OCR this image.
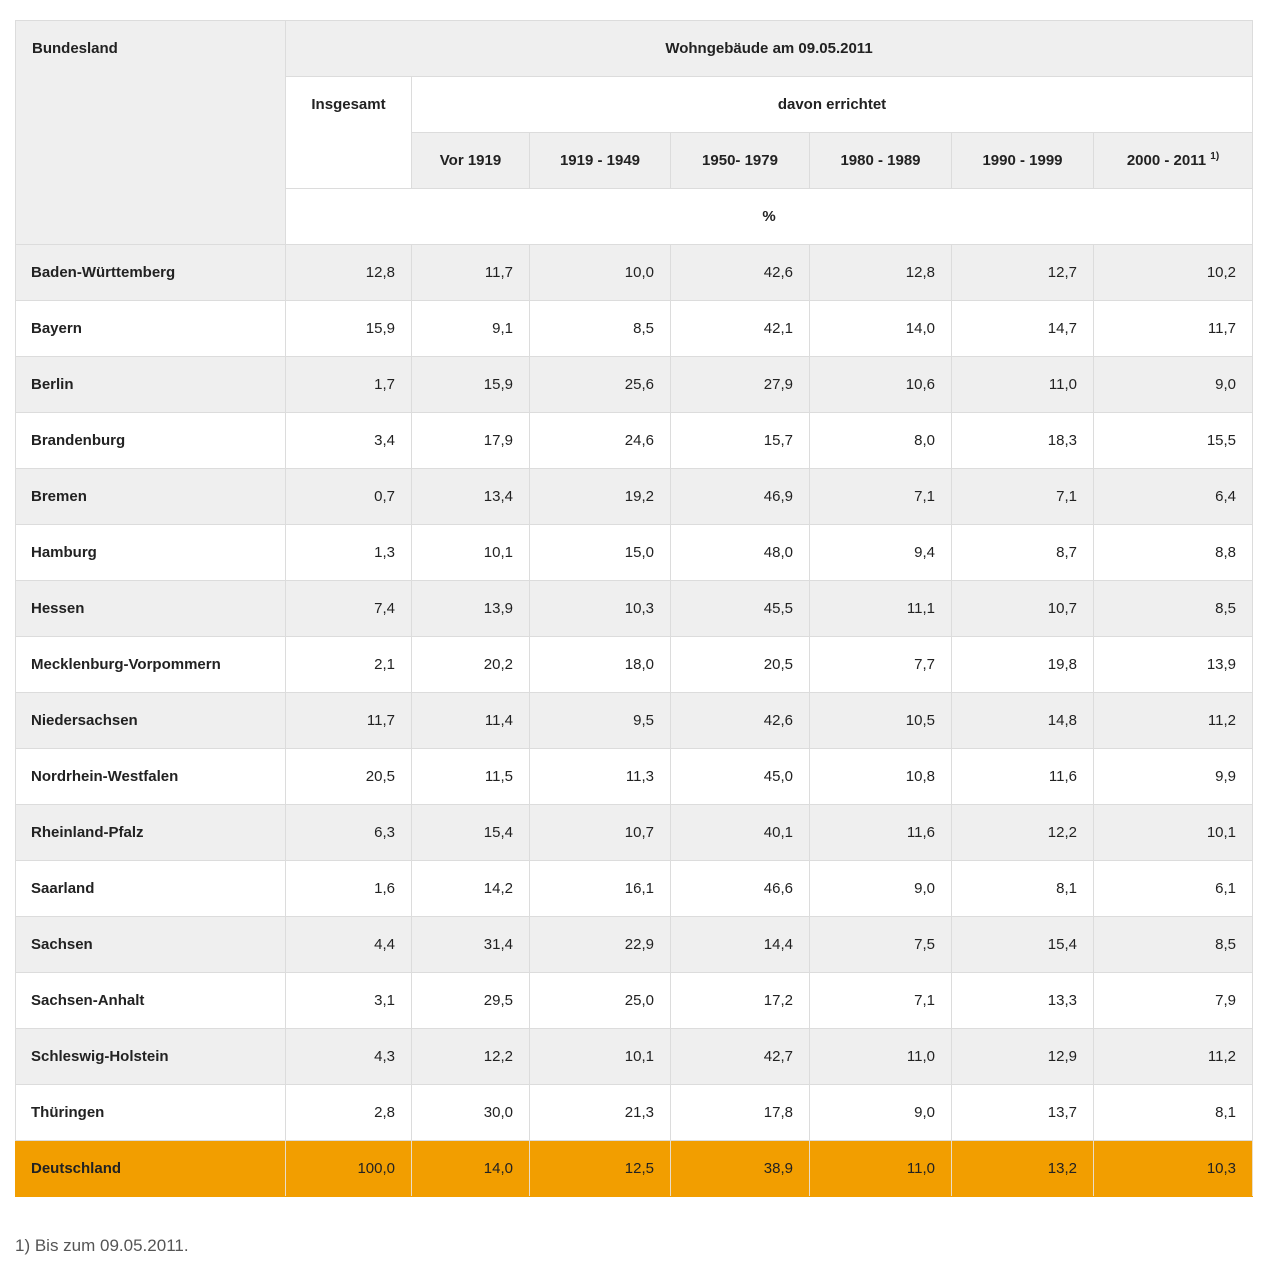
Bundesland	Wohngebäude am 09.05.2011						
	Insgesamt	davon errichtet					
		Vor 1919	1919 - 1949	1950- 1979	1980 - 1989	1990 - 1999	2000 - 2011 $^{1)}$
	%						
Baden-Württemberg	12,8	11,7	10,0	42,6	12,8	12,7	10,2
Bayern	15,9	9,1	8,5	42,1	14,0	14,7	11,7
Berlin	1,7	15,9	25,6	27,9	10,6	11,0	9,0
Brandenburg	3,4	17,9	24,6	15,7	8,0	18,3	15,5
Bremen	0,7	13,4	19,2	46,9	7,1	7,1	6,4
Hamburg	1,3	10,1	15,0	48,0	9,4	8,7	8,8
Hessen	7,4	13,9	10,3	45,5	11,1	10,7	8,5
Mecklenburg-Vorpommern	2,1	20,2	18,0	20,5	7,7	19,8	13,9
Niedersachsen	11,7	11,4	9,5	42,6	10,5	14,8	11,2
Nordrhein-Westfalen	20,5	11,5	11,3	45,0	10,8	11,6	9,9
Rheinland-Pfalz	6,3	15,4	10,7	40,1	11,6	12,2	10,1
Saarland	1,6	14,2	16,1	46,6	9,0	8,1	6,1
Sachsen	4,4	31,4	22,9	14,4	7,5	15,4	8,5
Sachsen-Anhalt	3,1	29,5	25,0	17,2	7,1	13,3	7,9
Schleswig-Holstein	4,3	12,2	10,1	42,7	11,0	12,9	11,2
Thüringen	2,8	30,0	21,3	17,8	9,0	13,7	8,1
Deutschland	100,0	14,0	12,5	38,9	11,0	13,2	10,3
1) Bis zum 09.05.2011.
